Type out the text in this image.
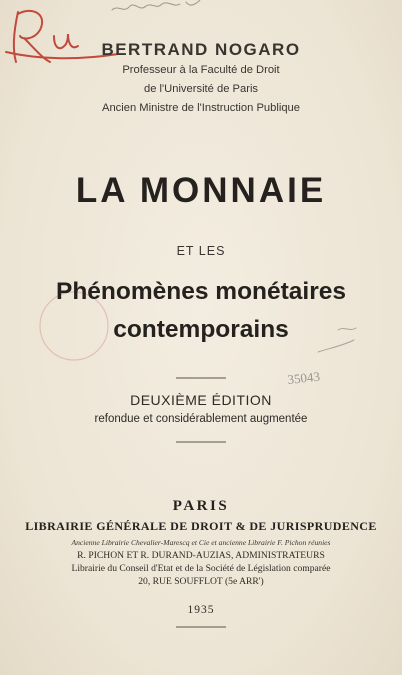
35043
BERTRAND NOGARO
Professeur à la Faculté de Droit
de l'Université de Paris
Ancien Ministre de l'Instruction Publique
LA MONNAIE
ET LES
Phénomènes monétaires
contemporains
DEUXIÈME ÉDITION
refondue et considérablement augmentée
PARIS
LIBRAIRIE GÉNÉRALE DE DROIT & DE JURISPRUDENCE
Ancienne Librairie Chevalier-Marescq et Cie et ancienne Librairie F. Pichon réunies
R. PICHON ET R. DURAND-AUZIAS, ADMINISTRATEURS
Librairie du Conseil d'Etat et de la Société de Législation comparée
20, RUE SOUFFLOT (5e ARR')
1935
